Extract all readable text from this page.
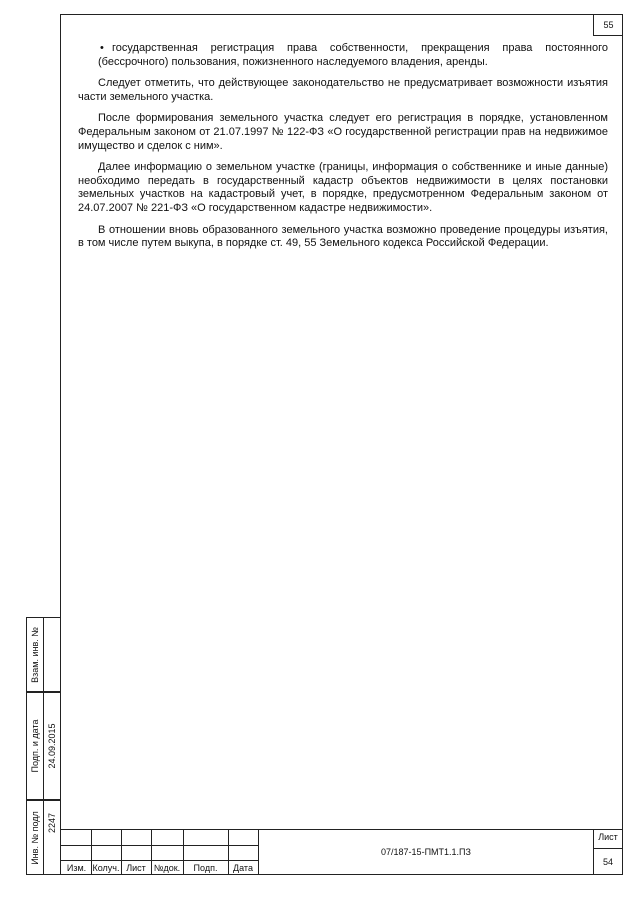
55

• государственная регистрация права собственности, прекращения права постоянного (бессрочного) пользования, пожизненного наследуемого владения, аренды.

Следует отметить, что действующее законодательство не предусматривает возможности изъятия части земельного участка.

После формирования земельного участка следует его регистрация в порядке, установленном Федеральным законом от 21.07.1997 № 122-ФЗ «О государственной регистрации прав на недвижимое имущество и сделок с ним».

Далее информацию о земельном участке (границы, информация о собственнике и иные данные) необходимо передать в государственный кадастр объектов недвижимости в целях постановки земельных участков на кадастровый учет, в порядке, предусмотренном Федеральным законом от 24.07.2007 № 221-ФЗ «О государственном кадастре недвижимости».

В отношении вновь образованного земельного участка возможно проведение процедуры изъятия, в том числе путем выкупа, в порядке ст. 49, 55 Земельного кодекса Российской Федерации.

Взам. инв. №
Подп. и дата 24.09.2015
Инв. № подл 2247
Изм. Колуч. Лист №док.	Подп.	Дата
07/187-15-ПМТ1.1.ПЗ
Лист
54
